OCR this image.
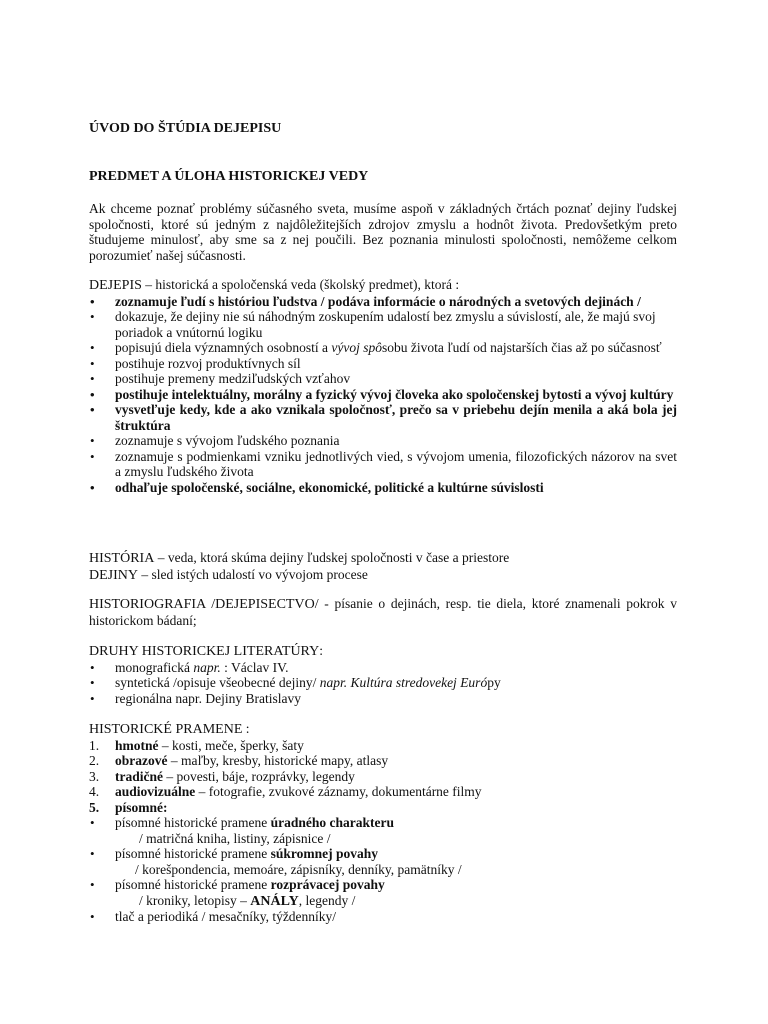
ÚVOD DO ŠTÚDIA DEJEPISU

PREDMET A ÚLOHA HISTORICKEJ VEDY

Ak chceme poznať problémy súčasného sveta, musíme aspoň v základných črtách poznať dejiny ľudskej spoločnosti, ktoré sú jedným z najdôležitejších zdrojov zmyslu a hodnôt života. Predovšetkým preto študujeme minulosť, aby sme sa z nej poučili. Bez poznania minulosti spoločnosti, nemôžeme celkom porozumieť našej súčasnosti.

DEJEPIS – historická a spoločenská veda (školský predmet), ktorá :

• zoznamuje ľudí s históriou ľudstva / podáva informácie o národných a svetových dejinách /
• dokazuje, že dejiny nie sú náhodným zoskupením udalostí bez zmyslu a súvislostí, ale, že majú svoj poriadok a vnútornú logiku
• popisujú diela významných osobností a vývoj spôsobu života ľudí od najstarších čias až po súčasnosť
• postihuje rozvoj produktívnych síl
• postihuje premeny medziľudských vzťahov
• postihuje intelektuálny, morálny a fyzický vývoj človeka ako spoločenskej bytosti a vývoj kultúry
• vysvetľuje kedy, kde a ako vznikala spoločnosť, prečo sa v priebehu dejín menila a aká bola jej štruktúra
• zoznamuje s vývojom ľudského poznania
• zoznamuje s podmienkami vzniku jednotlivých vied, s vývojom umenia, filozofických názorov na svet a zmyslu ľudského života
• odhaľuje spoločenské, sociálne, ekonomické, politické a kultúrne súvislosti

HISTÓRIA – veda, ktorá skúma dejiny ľudskej spoločnosti v čase a priestore

DEJINY – sled istých udalostí vo vývojom procese

HISTORIOGRAFIA /DEJEPISECTVO/ - písanie o dejinách, resp. tie diela, ktoré znamenali pokrok v historickom bádaní;

DRUHY HISTORICKEJ LITERATÚRY:

• monografická napr. : Václav IV.
• syntetická /opisuje všeobecné dejiny/ napr. Kultúra stredovekej Európy
• regionálna napr. Dejiny Bratislavy

HISTORICKÉ PRAMENE :

1. hmotné – kosti, meče, šperky, šaty
2. obrazové – maľby, kresby, historické mapy, atlasy
3. tradičné – povesti, báje, rozprávky, legendy
4. audiovizuálne – fotografie, zvukové záznamy, dokumentárne filmy
5. písomné:
• písomné historické pramene úradného charakteru
/ matričná kniha, listiny, zápisnice /
• písomné historické pramene súkromnej povahy
/ korešpondencia, memoáre, zápisníky, denníky, pamätníky /
• písomné historické pramene rozprávacej povahy
/ kroniky, letopisy – ANÁLY, legendy /
• tlač a periodiká / mesačníky, týždenníky/
